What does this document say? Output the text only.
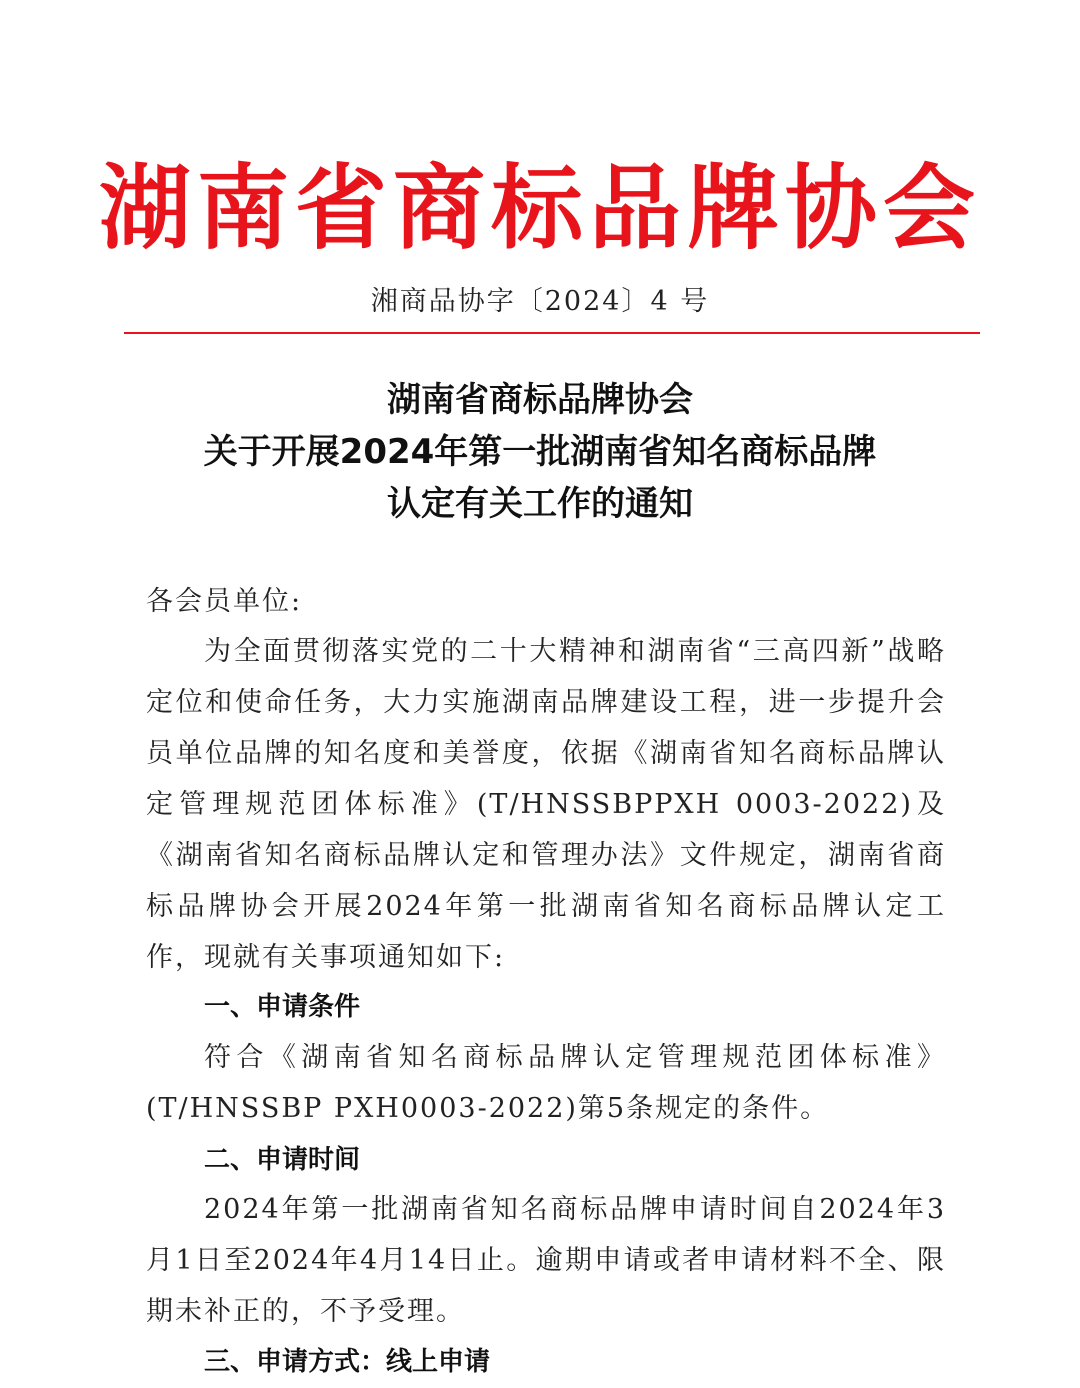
湖南省商标品牌协会
湘商品协字〔2024〕4 号
湖南省商标品牌协会
关于开展2024年第一批湖南省知名商标品牌
认定有关工作的通知
各会员单位:
为全面贯彻落实党的二十大精神和湖南省“三高四新”战略定位和使命任务，大力实施湖南品牌建设工程，进一步提升会员单位品牌的知名度和美誉度，依据《湖南省知名商标品牌认定管理规范团体标准》(T/HNSSBPPXH 0003-2022)及《湖南省知名商标品牌认定和管理办法》文件规定，湖南省商标品牌协会开展2024年第一批湖南省知名商标品牌认定工作，现就有关事项通知如下:
一、申请条件
符合《湖南省知名商标品牌认定管理规范团体标准》(T/HNSSBP PXH0003-2022)第5条规定的条件。
二、申请时间
2024年第一批湖南省知名商标品牌申请时间自2024年3月1日至2024年4月14日止。逾期申请或者申请材料不全、限期未补正的，不予受理。
三、申请方式：线上申请
